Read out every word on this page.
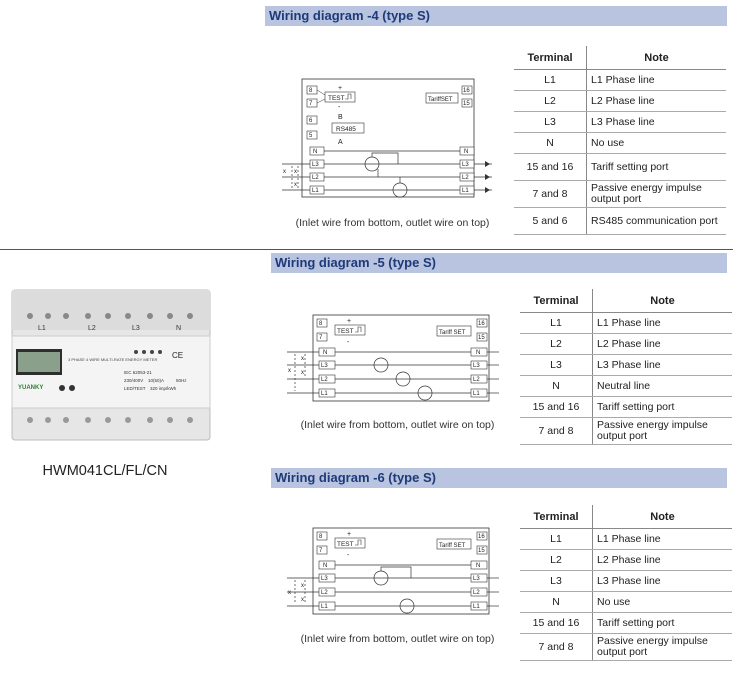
Wiring diagram -4 (type S)
8
7
6
5
N
L3
L2
L1
16
15
N
L3
L2
L1
TEST
+
-
B
RS485
A
TariffSET
x x
x
(Inlet wire from bottom, outlet wire on top)
Terminal	Note
L1	L1 Phase line
L2	L2 Phase line
L3	L3 Phase line
N	No use
15 and 16	Tariff setting port
7 and 8	Passive energy impulse output port
5 and 6	RS485 communication port
L1	L2	L3	N
3 PHASE 4 WIRE MULTI-RATE ENERGY METER CE
IEC 62053-21
230/400V 10(50)A	50Hz
LED/TEST 320 imp/kWh
YUANKY
HWM041CL/FL/CN
Wiring diagram -5 (type S)
8
7
N
L3
L2
L1
16
15
N
L3
L2
L1
TEST
+
-
Tariff SET
x
x
x
(Inlet wire from bottom, outlet wire on top)
Terminal	Note
L1	L1 Phase line
L2	L2 Phase line
L3	L3 Phase line
N	Neutral line
15 and 16	Tariff setting port
7 and 8	Passive energy impulse output port
Wiring diagram -6 (type S)
8
7
N
L3
L2
L1
16
15
N
L3
L2
L1
TEST
+
-
Tariff SET
x
x
x
(Inlet wire from bottom, outlet wire on top)
Terminal	Note
L1	L1 Phase line
L2	L2 Phase line
L3	L3 Phase line
N	No use
15 and 16	Tariff setting port
7 and 8	Passive energy impulse output port
